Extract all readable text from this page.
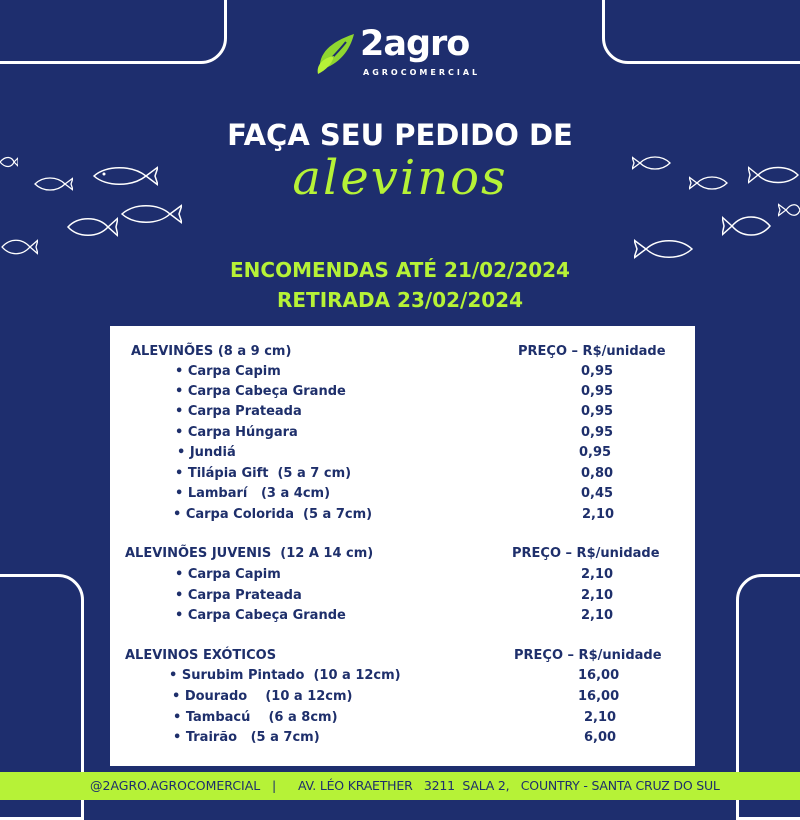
2agro
AGROCOMERCIAL
FAÇA SEU PEDIDO DE
alevinos
ENCOMENDAS ATÉ 21/02/2024
RETIRADA 23/02/2024
ALEVINÕES (8 a 9 cm)	PREÇO – R$/unidade
• Carpa Capim	0,95
• Carpa Cabeça Grande	0,95
• Carpa Prateada	0,95
• Carpa Húngara	0,95
• Jundiá	0,95
• Tilápia Gift  (5 a 7 cm)	0,80
• Lambarí   (3 a 4cm)	0,45
• Carpa Colorida  (5 a 7cm)	2,10
ALEVINÕES JUVENIS  (12 A 14 cm)	PREÇO – R$/unidade
• Carpa Capim	2,10
• Carpa Prateada	2,10
• Carpa Cabeça Grande	2,10
ALEVINOS EXÓTICOS	PREÇO – R$/unidade
• Surubim Pintado  (10 a 12cm)	16,00
• Dourado    (10 a 12cm)	16,00
• Tambacú    (6 a 8cm)	2,10
• Trairão   (5 a 7cm)	6,00
@2AGRO.AGROCOMERCIAL | AV. LÉO KRAETHER   3211  SALA 2,   COUNTRY - SANTA CRUZ DO SUL
